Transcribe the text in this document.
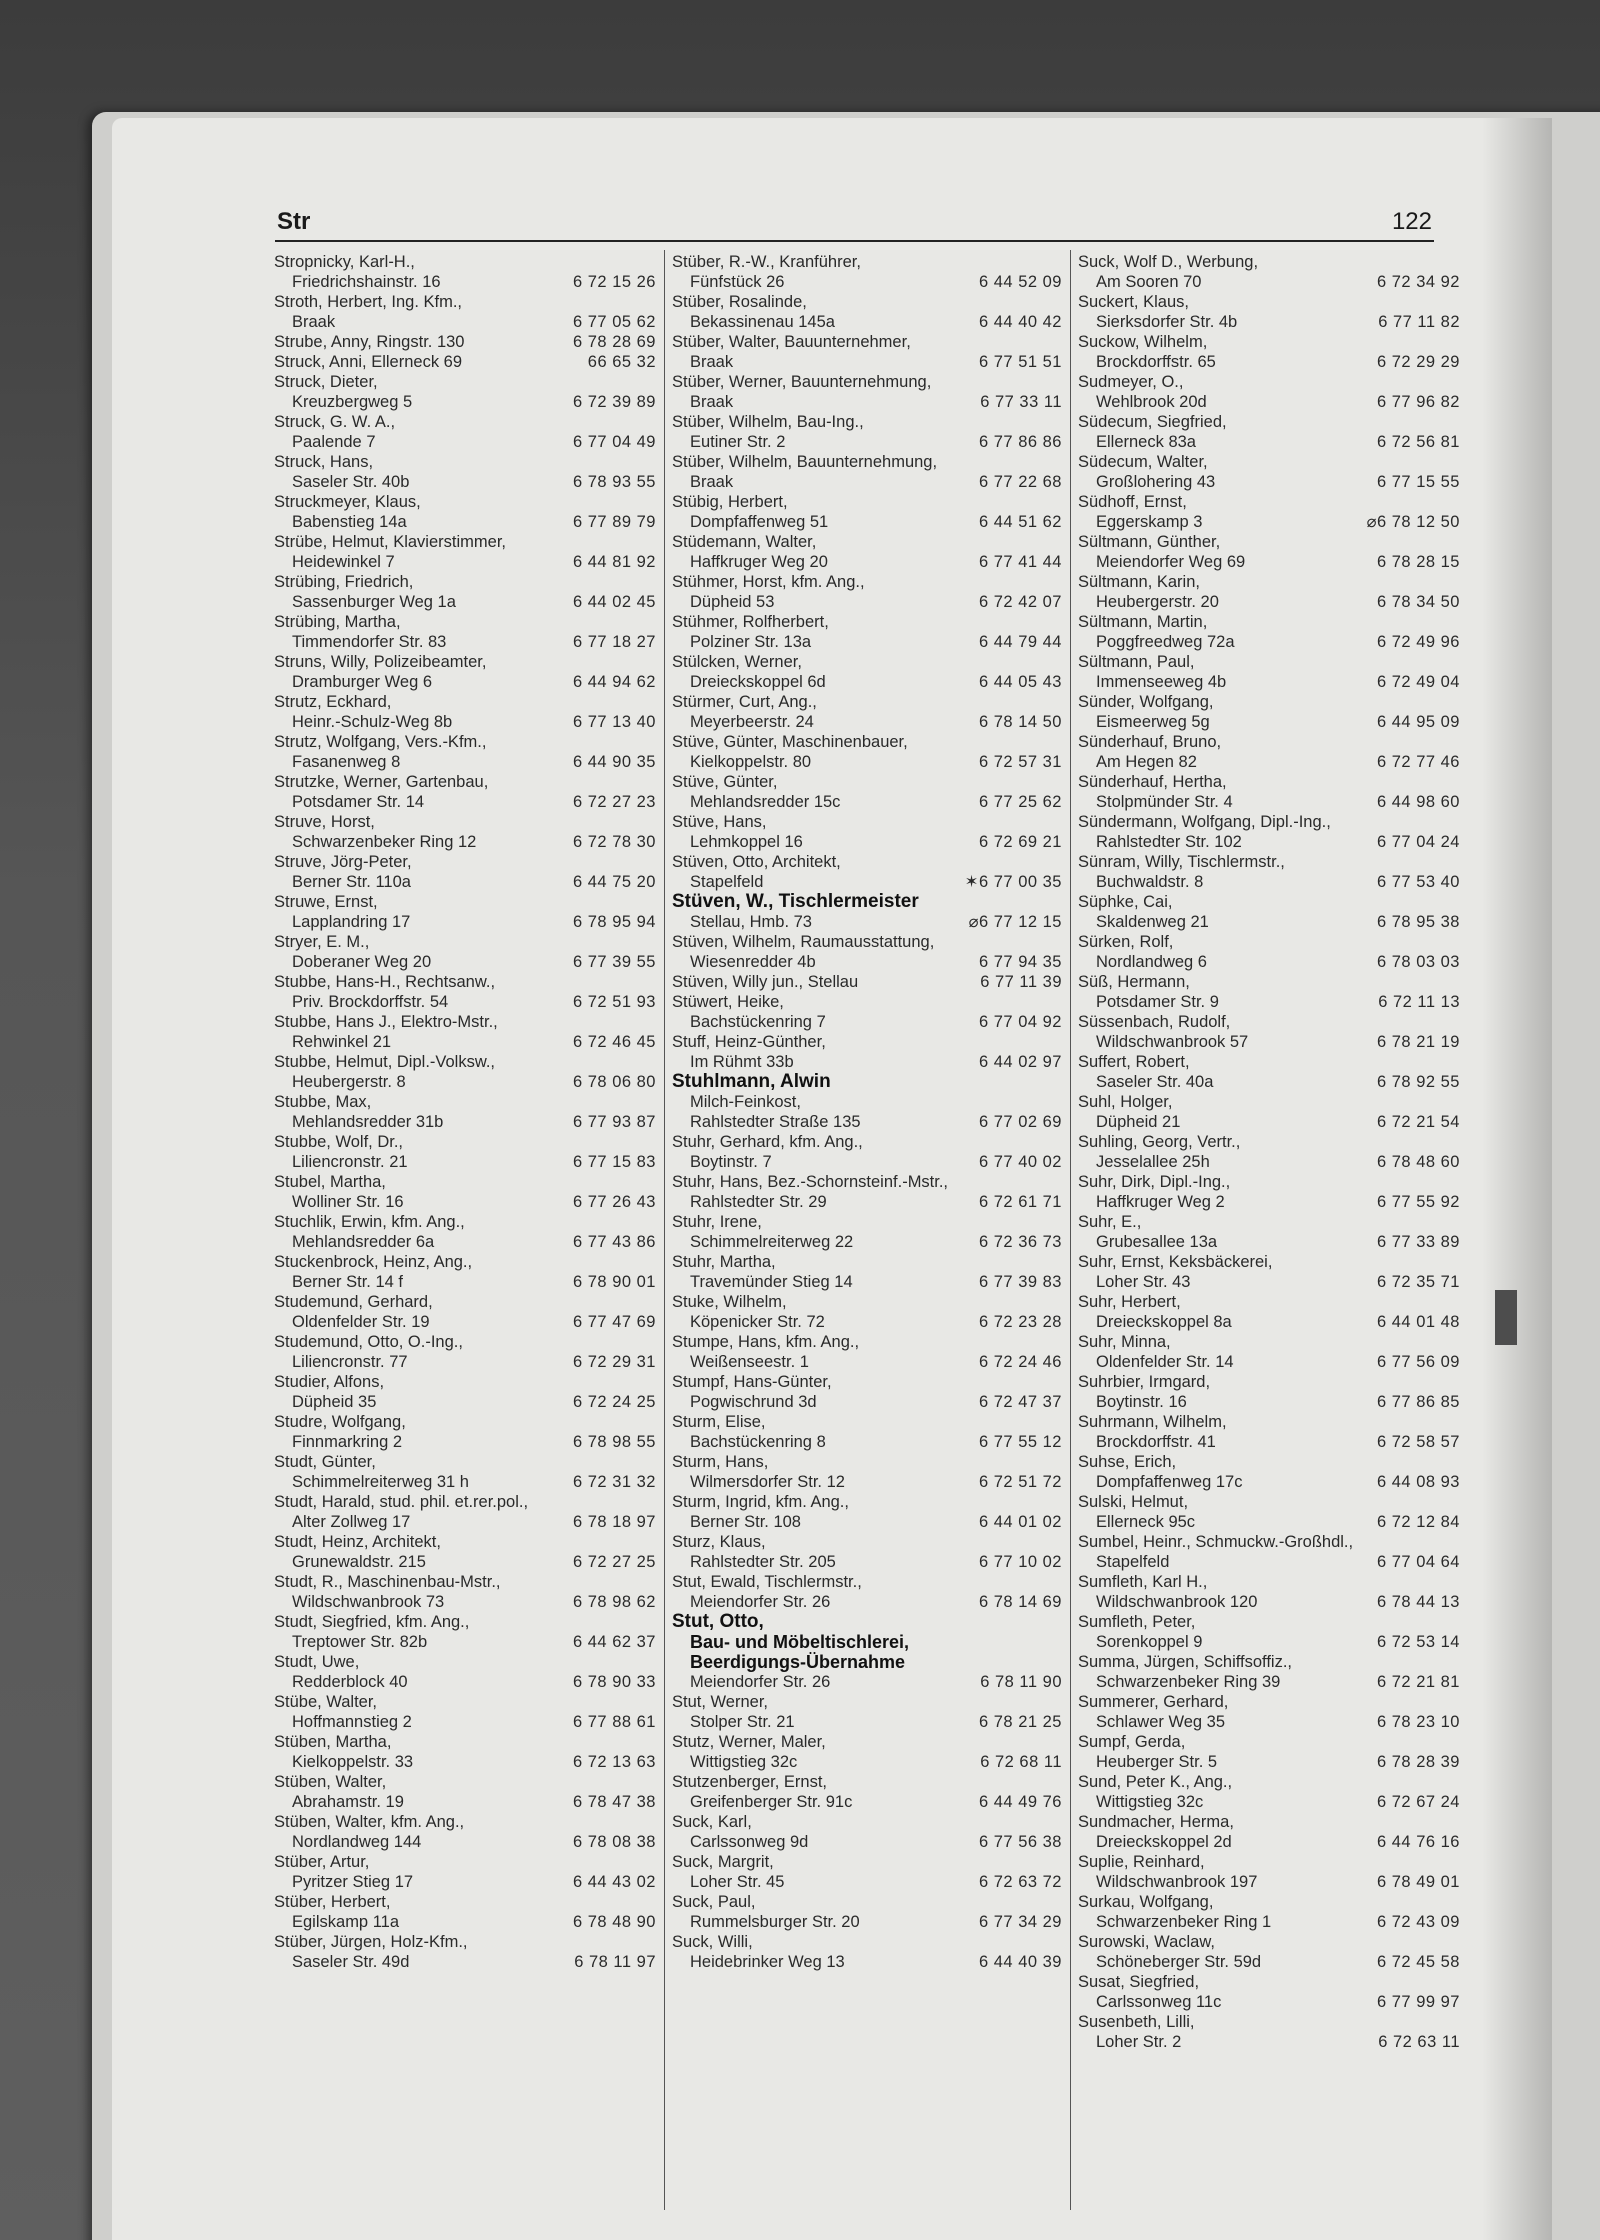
Str	122
Stropnicky, Karl-H.,
Friedrichshainstr. 16	6 72 15 26
Stroth, Herbert, Ing. Kfm.,
Braak	6 77 05 62
Strube, Anny, Ringstr. 130	6 78 28 69
Struck, Anni, Ellerneck 69	66 65 32
Struck, Dieter,
Kreuzbergweg 5	6 72 39 89
Struck, G. W. A.,
Paalende 7	6 77 04 49
Struck, Hans,
Saseler Str. 40b	6 78 93 55
Struckmeyer, Klaus,
Babenstieg 14a	6 77 89 79
Strübe, Helmut, Klavierstimmer,
Heidewinkel 7	6 44 81 92
Strübing, Friedrich,
Sassenburger Weg 1a	6 44 02 45
Strübing, Martha,
Timmendorfer Str. 83	6 77 18 27
Struns, Willy, Polizeibeamter,
Dramburger Weg 6	6 44 94 62
Strutz, Eckhard,
Heinr.-Schulz-Weg 8b	6 77 13 40
Strutz, Wolfgang, Vers.-Kfm.,
Fasanenweg 8	6 44 90 35
Strutzke, Werner, Gartenbau,
Potsdamer Str. 14	6 72 27 23
Struve, Horst,
Schwarzenbeker Ring 12	6 72 78 30
Struve, Jörg-Peter,
Berner Str. 110a	6 44 75 20
Struwe, Ernst,
Lapplandring 17	6 78 95 94
Stryer, E. M.,
Doberaner Weg 20	6 77 39 55
Stubbe, Hans-H., Rechtsanw.,
Priv. Brockdorffstr. 54	6 72 51 93
Stubbe, Hans J., Elektro-Mstr.,
Rehwinkel 21	6 72 46 45
Stubbe, Helmut, Dipl.-Volksw.,
Heubergerstr. 8	6 78 06 80
Stubbe, Max,
Mehlandsredder 31b	6 77 93 87
Stubbe, Wolf, Dr.,
Liliencronstr. 21	6 77 15 83
Stubel, Martha,
Wolliner Str. 16	6 77 26 43
Stuchlik, Erwin, kfm. Ang.,
Mehlandsredder 6a	6 77 43 86
Stuckenbrock, Heinz, Ang.,
Berner Str. 14 f	6 78 90 01
Studemund, Gerhard,
Oldenfelder Str. 19	6 77 47 69
Studemund, Otto, O.-Ing.,
Liliencronstr. 77	6 72 29 31
Studier, Alfons,
Düpheid 35	6 72 24 25
Studre, Wolfgang,
Finnmarkring 2	6 78 98 55
Studt, Günter,
Schimmelreiterweg 31 h	6 72 31 32
Studt, Harald, stud. phil. et.rer.pol.,
Alter Zollweg 17	6 78 18 97
Studt, Heinz, Architekt,
Grunewaldstr. 215	6 72 27 25
Studt, R., Maschinenbau-Mstr.,
Wildschwanbrook 73	6 78 98 62
Studt, Siegfried, kfm. Ang.,
Treptower Str. 82b	6 44 62 37
Studt, Uwe,
Redderblock 40	6 78 90 33
Stübe, Walter,
Hoffmannstieg 2	6 77 88 61
Stüben, Martha,
Kielkoppelstr. 33	6 72 13 63
Stüben, Walter,
Abrahamstr. 19	6 78 47 38
Stüben, Walter, kfm. Ang.,
Nordlandweg 144	6 78 08 38
Stüber, Artur,
Pyritzer Stieg 17	6 44 43 02
Stüber, Herbert,
Egilskamp 11a	6 78 48 90
Stüber, Jürgen, Holz-Kfm.,
Saseler Str. 49d	6 78 11 97
Stüber, R.-W., Kranführer,
Fünfstück 26	6 44 52 09
Stüber, Rosalinde,
Bekassinenau 145a	6 44 40 42
Stüber, Walter, Bauunternehmer,
Braak	6 77 51 51
Stüber, Werner, Bauunternehmung,
Braak	6 77 33 11
Stüber, Wilhelm, Bau-Ing.,
Eutiner Str. 2	6 77 86 86
Stüber, Wilhelm, Bauunternehmung,
Braak	6 77 22 68
Stübig, Herbert,
Dompfaffenweg 51	6 44 51 62
Stüdemann, Walter,
Haffkruger Weg 20	6 77 41 44
Stühmer, Horst, kfm. Ang.,
Düpheid 53	6 72 42 07
Stühmer, Rolfherbert,
Polziner Str. 13a	6 44 79 44
Stülcken, Werner,
Dreieckskoppel 6d	6 44 05 43
Stürmer, Curt, Ang.,
Meyerbeerstr. 24	6 78 14 50
Stüve, Günter, Maschinenbauer,
Kielkoppelstr. 80	6 72 57 31
Stüve, Günter,
Mehlandsredder 15c	6 77 25 62
Stüve, Hans,
Lehmkoppel 16	6 72 69 21
Stüven, Otto, Architekt,
Stapelfeld	✶6 77 00 35
Stüven, W., Tischlermeister
Stellau, Hmb. 73	⌀6 77 12 15
Stüven, Wilhelm, Raumausstattung,
Wiesenredder 4b	6 77 94 35
Stüven, Willy jun., Stellau	6 77 11 39
Stüwert, Heike,
Bachstückenring 7	6 77 04 92
Stuff, Heinz-Günther,
Im Rühmt 33b	6 44 02 97
Stuhlmann, Alwin
Milch-Feinkost,
Rahlstedter Straße 135	6 77 02 69
Stuhr, Gerhard, kfm. Ang.,
Boytinstr. 7	6 77 40 02
Stuhr, Hans, Bez.-Schornsteinf.-Mstr.,
Rahlstedter Str. 29	6 72 61 71
Stuhr, Irene,
Schimmelreiterweg 22	6 72 36 73
Stuhr, Martha,
Travemünder Stieg 14	6 77 39 83
Stuke, Wilhelm,
Köpenicker Str. 72	6 72 23 28
Stumpe, Hans, kfm. Ang.,
Weißenseestr. 1	6 72 24 46
Stumpf, Hans-Günter,
Pogwischrund 3d	6 72 47 37
Sturm, Elise,
Bachstückenring 8	6 77 55 12
Sturm, Hans,
Wilmersdorfer Str. 12	6 72 51 72
Sturm, Ingrid, kfm. Ang.,
Berner Str. 108	6 44 01 02
Sturz, Klaus,
Rahlstedter Str. 205	6 77 10 02
Stut, Ewald, Tischlermstr.,
Meiendorfer Str. 26	6 78 14 69
Stut, Otto,
Bau- und Möbeltischlerei,
Beerdigungs-Übernahme
Meiendorfer Str. 26	6 78 11 90
Stut, Werner,
Stolper Str. 21	6 78 21 25
Stutz, Werner, Maler,
Wittigstieg 32c	6 72 68 11
Stutzenberger, Ernst,
Greifenberger Str. 91c	6 44 49 76
Suck, Karl,
Carlssonweg 9d	6 77 56 38
Suck, Margrit,
Loher Str. 45	6 72 63 72
Suck, Paul,
Rummelsburger Str. 20	6 77 34 29
Suck, Willi,
Heidebrinker Weg 13	6 44 40 39
Suck, Wolf D., Werbung,
Am Sooren 70	6 72 34 92
Suckert, Klaus,
Sierksdorfer Str. 4b	6 77 11 82
Suckow, Wilhelm,
Brockdorffstr. 65	6 72 29 29
Sudmeyer, O.,
Wehlbrook 20d	6 77 96 82
Südecum, Siegfried,
Ellerneck 83a	6 72 56 81
Südecum, Walter,
Großlohering 43	6 77 15 55
Südhoff, Ernst,
Eggerskamp 3	⌀6 78 12 50
Sültmann, Günther,
Meiendorfer Weg 69	6 78 28 15
Sültmann, Karin,
Heubergerstr. 20	6 78 34 50
Sültmann, Martin,
Poggfreedweg 72a	6 72 49 96
Sültmann, Paul,
Immenseeweg 4b	6 72 49 04
Sünder, Wolfgang,
Eismeerweg 5g	6 44 95 09
Sünderhauf, Bruno,
Am Hegen 82	6 72 77 46
Sünderhauf, Hertha,
Stolpmünder Str. 4	6 44 98 60
Sündermann, Wolfgang, Dipl.-Ing.,
Rahlstedter Str. 102	6 77 04 24
Sünram, Willy, Tischlermstr.,
Buchwaldstr. 8	6 77 53 40
Süphke, Cai,
Skaldenweg 21	6 78 95 38
Sürken, Rolf,
Nordlandweg 6	6 78 03 03
Süß, Hermann,
Potsdamer Str. 9	6 72 11 13
Süssenbach, Rudolf,
Wildschwanbrook 57	6 78 21 19
Suffert, Robert,
Saseler Str. 40a	6 78 92 55
Suhl, Holger,
Düpheid 21	6 72 21 54
Suhling, Georg, Vertr.,
Jesselallee 25h	6 78 48 60
Suhr, Dirk, Dipl.-Ing.,
Haffkruger Weg 2	6 77 55 92
Suhr, E.,
Grubesallee 13a	6 77 33 89
Suhr, Ernst, Keksbäckerei,
Loher Str. 43	6 72 35 71
Suhr, Herbert,
Dreieckskoppel 8a	6 44 01 48
Suhr, Minna,
Oldenfelder Str. 14	6 77 56 09
Suhrbier, Irmgard,
Boytinstr. 16	6 77 86 85
Suhrmann, Wilhelm,
Brockdorffstr. 41	6 72 58 57
Suhse, Erich,
Dompfaffenweg 17c	6 44 08 93
Sulski, Helmut,
Ellerneck 95c	6 72 12 84
Sumbel, Heinr., Schmuckw.-Großhdl.,
Stapelfeld	6 77 04 64
Sumfleth, Karl H.,
Wildschwanbrook 120	6 78 44 13
Sumfleth, Peter,
Sorenkoppel 9	6 72 53 14
Summa, Jürgen, Schiffsoffiz.,
Schwarzenbeker Ring 39	6 72 21 81
Summerer, Gerhard,
Schlawer Weg 35	6 78 23 10
Sumpf, Gerda,
Heuberger Str. 5	6 78 28 39
Sund, Peter K., Ang.,
Wittigstieg 32c	6 72 67 24
Sundmacher, Herma,
Dreieckskoppel 2d	6 44 76 16
Suplie, Reinhard,
Wildschwanbrook 197	6 78 49 01
Surkau, Wolfgang,
Schwarzenbeker Ring 1	6 72 43 09
Surowski, Waclaw,
Schöneberger Str. 59d	6 72 45 58
Susat, Siegfried,
Carlssonweg 11c	6 77 99 97
Susenbeth, Lilli,
Loher Str. 2	6 72 63 11
